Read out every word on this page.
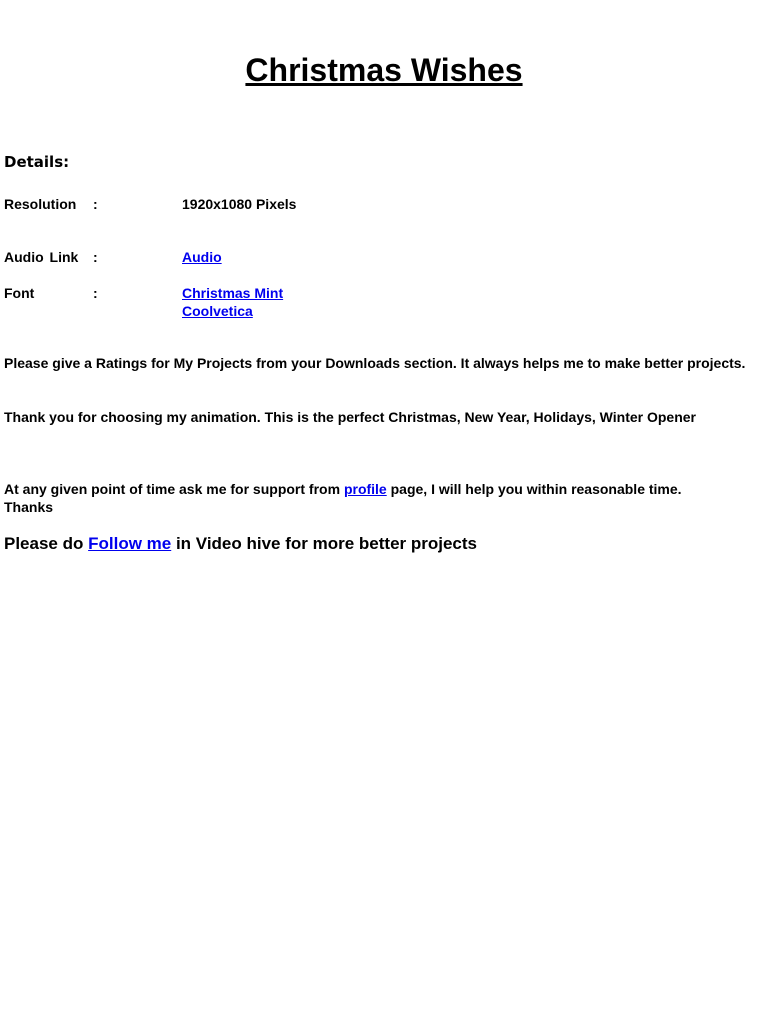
Christmas Wishes
Details:
Resolution :	1920x1080 Pixels
Audio Link :	Audio
Font	:	Christmas Mint
Coolvetica
Please give a Ratings for My Projects from your Downloads section. It always helps me to make better projects.
Thank you for choosing my animation. This is the perfect Christmas, New Year, Holidays, Winter Opener
At any given point of time ask me for support from profile page, I will help you within reasonable time.
Thanks
Please do Follow me in Video hive for more better projects
